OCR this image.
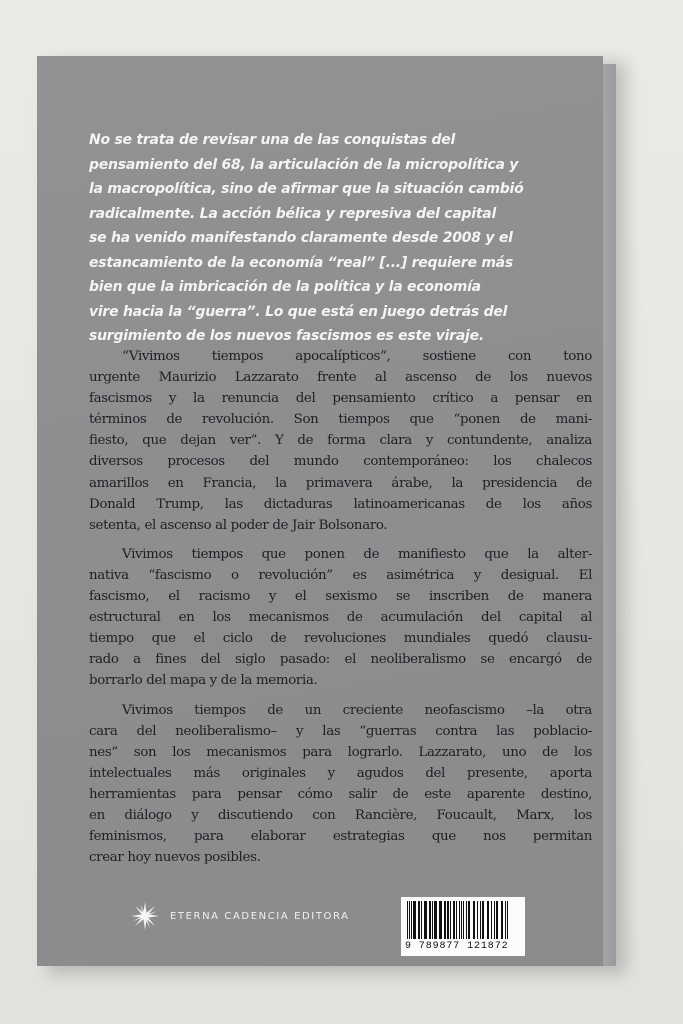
No se trata de revisar una de las conquistas del
pensamiento del 68, la articulación de la micropolítica y
la macropolítica, sino de afirmar que la situación cambió
radicalmente. La acción bélica y represiva del capital
se ha venido manifestando claramente desde 2008 y el
estancamiento de la economía “real” [...] requiere más
bien que la imbricación de la política y la economía
vire hacia la “guerra”. Lo que está en juego detrás del
surgimiento de los nuevos fascismos es este viraje.
“Vivimos tiempos apocalípticos”, sostiene con tono
urgente Maurizio Lazzarato frente al ascenso de los nuevos
fascismos y la renuncia del pensamiento crítico a pensar en
términos de revolución. Son tiempos que “ponen de mani-
fiesto, que dejan ver”. Y de forma clara y contundente, analiza
diversos procesos del mundo contemporáneo: los chalecos
amarillos en Francia, la primavera árabe, la presidencia de
Donald Trump, las dictaduras latinoamericanas de los años
setenta, el ascenso al poder de Jair Bolsonaro.
Vivimos tiempos que ponen de manifiesto que la alter-
nativa “fascismo o revolución” es asimétrica y desigual. El
fascismo, el racismo y el sexismo se inscriben de manera
estructural en los mecanismos de acumulación del capital al
tiempo que el ciclo de revoluciones mundiales quedó clausu-
rado a fines del siglo pasado: el neoliberalismo se encargó de
borrarlo del mapa y de la memoria.
Vivimos tiempos de un creciente neofascismo –la otra
cara del neoliberalismo– y las “guerras contra las poblacio-
nes” son los mecanismos para lograrlo. Lazzarato, uno de los
intelectuales más originales y agudos del presente, aporta
herramientas para pensar cómo salir de este aparente destino,
en diálogo y discutiendo con Rancière, Foucault, Marx, los
feminismos, para elaborar estrategias que nos permitan
crear hoy nuevos posibles.
ETERNA CADENCIA EDITORA
9 789877 121872
